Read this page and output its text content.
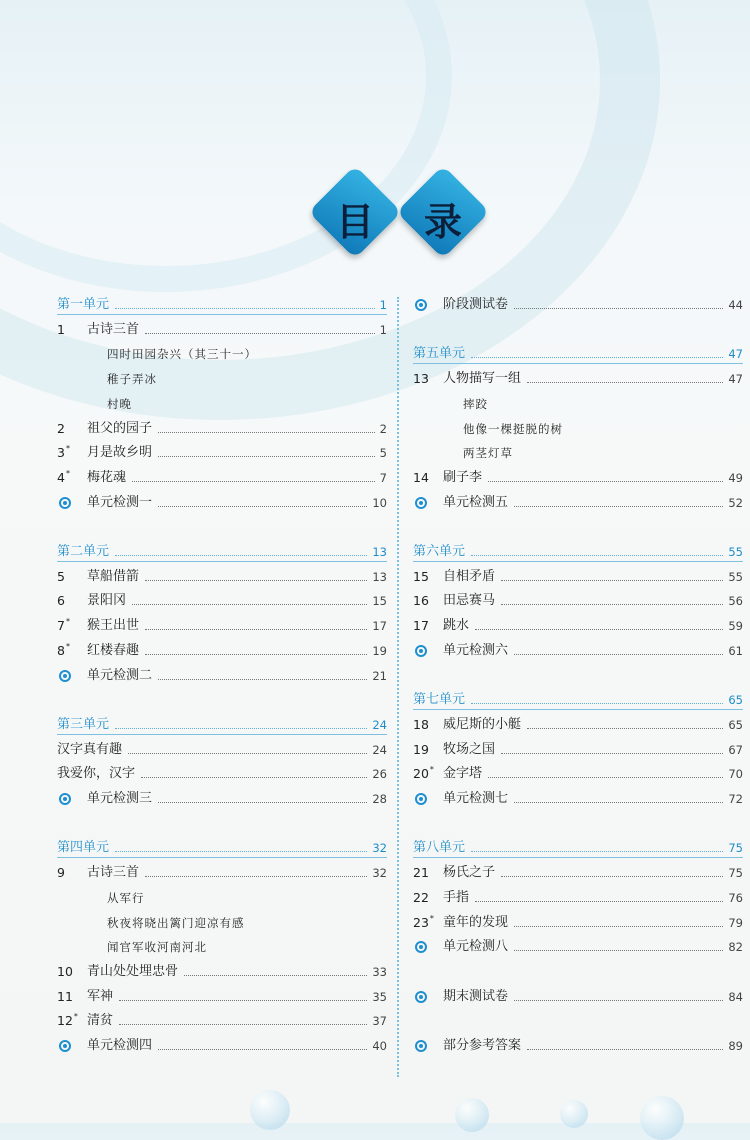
目	录
第一单元	1
1	古诗三首	1
四时田园杂兴（其三十一）
稚子弄冰
村晚
2	祖父的园子	2
3 * 月是故乡明	5
4 * 梅花魂	7
单元检测一	10
第二单元	13
5	草船借箭	13
6	景阳冈	15
7 * 猴王出世	17
8 * 红楼春趣	19
单元检测二	21
第三单元	24
汉字真有趣	24
我爱你，汉字	26
单元检测三	28
第四单元	32
9	古诗三首	32
从军行
秋夜将晓出篱门迎凉有感
闻官军收河南河北
10	青山处处埋忠骨	33
11	军神	35
12 * 清贫	37
单元检测四	40
阶段测试卷	44
第五单元	47
13	人物描写一组	47
摔跤
他像一棵挺脱的树
两茎灯草
14	刷子李	49
单元检测五	52
第六单元	55
15	自相矛盾	55
16	田忌赛马	56
17	跳水	59
单元检测六	61
第七单元	65
18	威尼斯的小艇	65
19	牧场之国	67
20 * 金字塔	70
单元检测七	72
第八单元	75
21	杨氏之子	75
22	手指	76
23 * 童年的发现	79
单元检测八	82
期末测试卷	84
部分参考答案	89
